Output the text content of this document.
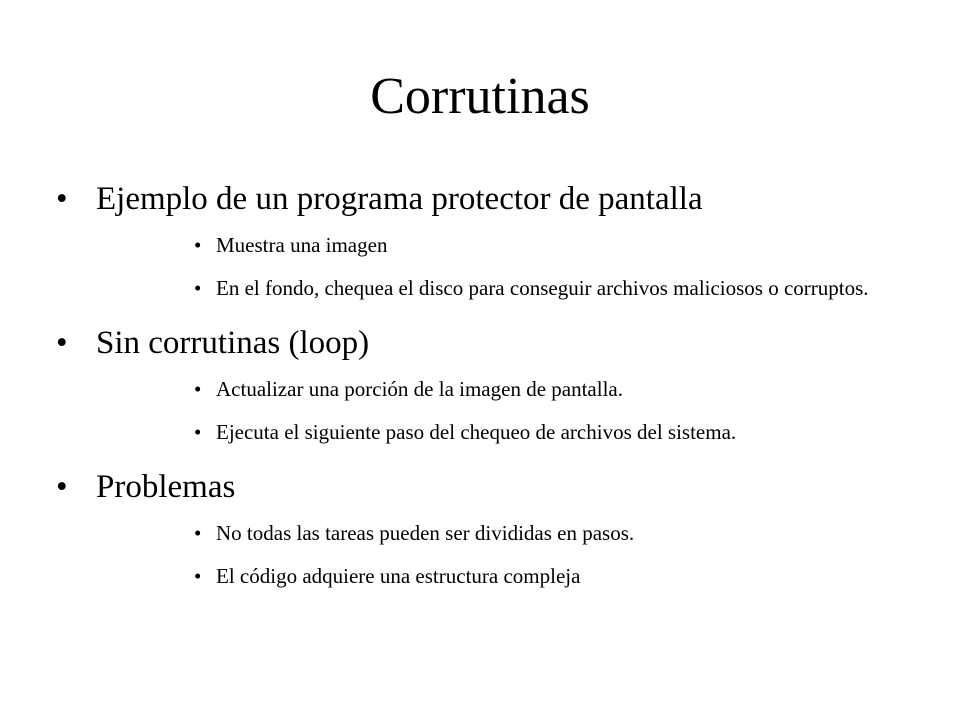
Corrutinas
• Ejemplo de un programa protector de pantalla
• Muestra una imagen
• En el fondo, chequea el disco para conseguir archivos maliciosos o corruptos.
• Sin corrutinas (loop)
• Actualizar una porción de la imagen de pantalla.
• Ejecuta el siguiente paso del chequeo de archivos del sistema.
• Problemas
• No todas las tareas pueden ser divididas en pasos.
• El código adquiere una estructura compleja
